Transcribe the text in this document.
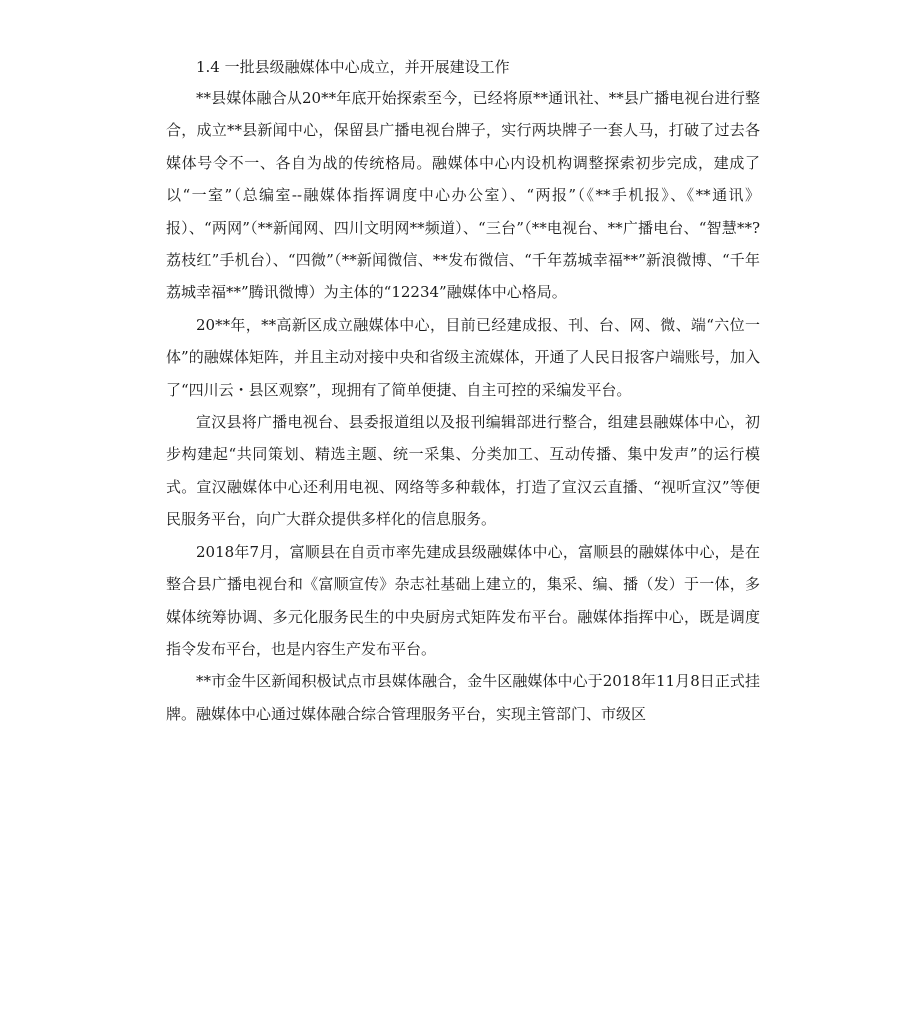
1.4 一批县级融媒体中心成立，并开展建设工作

**县媒体融合从20**年底开始探索至今，已经将原**通讯社、**县广播电视台进行整合，成立**县新闻中心，保留县广播电视台牌子，实行两块牌子一套人马，打破了过去各媒体号令不一、各自为战的传统格局。融媒体中心内设机构调整探索初步完成，建成了以“一室”（总编室--融媒体指挥调度中心办公室）、“两报”（《**手机报》、《**通讯》报）、“两网”（**新闻网、四川文明网**频道）、“三台”（**电视台、**广播电台、“智慧**?荔枝红”手机台）、“四微”（**新闻微信、**发布微信、“千年荔城幸福**”新浪微博、“千年荔城幸福**”腾讯微博）为主体的“12234”融媒体中心格局。

20**年，**高新区成立融媒体中心，目前已经建成报、刊、台、网、微、端“六位一体”的融媒体矩阵，并且主动对接中央和省级主流媒体，开通了人民日报客户端账号，加入了“四川云・县区观察”，现拥有了简单便捷、自主可控的采编发平台。

宣汉县将广播电视台、县委报道组以及报刊编辑部进行整合，组建县融媒体中心，初步构建起“共同策划、精选主题、统一采集、分类加工、互动传播、集中发声”的运行模式。宣汉融媒体中心还利用电视、网络等多种载体，打造了宣汉云直播、“视听宣汉”等便民服务平台，向广大群众提供多样化的信息服务。

2018年7月，富顺县在自贡市率先建成县级融媒体中心，富顺县的融媒体中心，是在整合县广播电视台和《富顺宣传》杂志社基础上建立的，集采、编、播（发）于一体，多媒体统筹协调、多元化服务民生的中央厨房式矩阵发布平台。融媒体指挥中心，既是调度指令发布平台，也是内容生产发布平台。

**市金牛区新闻积极试点市县媒体融合，金牛区融媒体中心于2018年11月8日正式挂牌。融媒体中心通过媒体融合综合管理服务平台，实现主管部门、市级区
